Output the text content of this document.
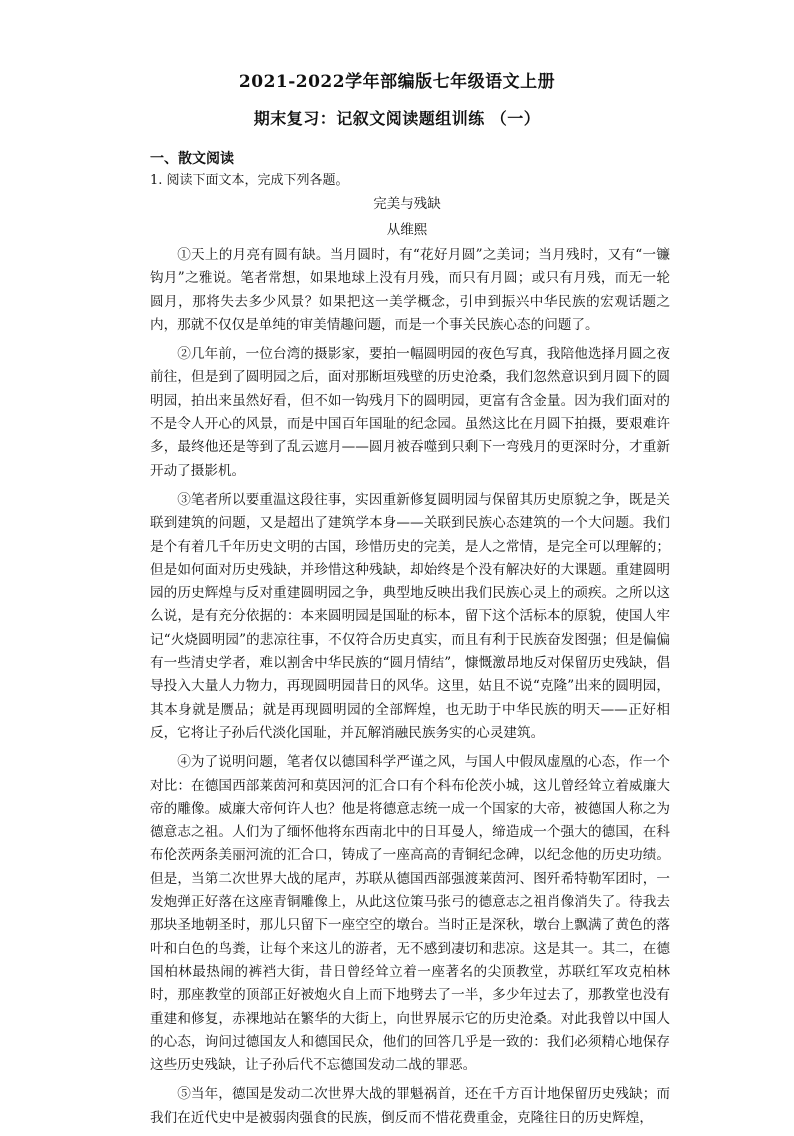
2021-2022学年部编版七年级语文上册
期末复习：记叙文阅读题组训练 （一）
一、散文阅读
1. 阅读下面文本，完成下列各题。
完美与残缺
从维熙

①天上的月亮有圆有缺。当月圆时，有“花好月圆”之美词；当月残时，又有“一镰钩月”之雅说。笔者常想，如果地球上没有月残，而只有月圆；或只有月残，而无一轮圆月，那将失去多少风景？如果把这一美学概念，引申到振兴中华民族的宏观话题之内，那就不仅仅是单纯的审美情趣问题，而是一个事关民族心态的问题了。

②几年前，一位台湾的摄影家，要拍一幅圆明园的夜色写真，我陪他选择月圆之夜前往，但是到了圆明园之后，面对那断垣残壁的历史沧桑，我们忽然意识到月圆下的圆明园，拍出来虽然好看，但不如一钩残月下的圆明园，更富有含金量。因为我们面对的不是令人开心的风景，而是中国百年国耻的纪念园。虽然这比在月圆下拍摄，要艰难许多，最终他还是等到了乱云遮月——圆月被吞噬到只剩下一弯残月的更深时分，才重新开动了摄影机。

③笔者所以要重温这段往事，实因重新修复圆明园与保留其历史原貌之争，既是关联到建筑的问题，又是超出了建筑学本身——关联到民族心态建筑的一个大问题。我们是个有着几千年历史文明的古国，珍惜历史的完美，是人之常情，是完全可以理解的；但是如何面对历史残缺，并珍惜这种残缺，却始终是个没有解决好的大课题。重建圆明园的历史辉煌与反对重建圆明园之争，典型地反映出我们民族心灵上的顽疾。之所以这么说，是有充分依据的：本来圆明园是国耻的标本，留下这个活标本的原貌，使国人牢记“火烧圆明园”的悲凉往事，不仅符合历史真实，而且有利于民族奋发图强；但是偏偏有一些清史学者，难以割舍中华民族的“圆月情结”，慷慨激昂地反对保留历史残缺，倡导投入大量人力物力，再现圆明园昔日的风华。这里，姑且不说“克隆”出来的圆明园，其本身就是赝品；就是再现圆明园的全部辉煌，也无助于中华民族的明天——正好相反，它将让子孙后代淡化国耻，并瓦解消融民族务实的心灵建筑。

④为了说明问题，笔者仅以德国科学严谨之风，与国人中假凤虚凰的心态，作一个对比：在德国西部莱茵河和莫因河的汇合口有个科布伦茨小城，这儿曾经耸立着威廉大帝的雕像。威廉大帝何许人也？他是将德意志统一成一个国家的大帝，被德国人称之为德意志之祖。人们为了缅怀他将东西南北中的日耳曼人，缔造成一个强大的德国，在科布伦茨两条美丽河流的汇合口，铸成了一座高高的青铜纪念碑，以纪念他的历史功绩。但是，当第二次世界大战的尾声，苏联从德国西部强渡莱茵河、图歼希特勒军团时，一发炮弹正好落在这座青铜雕像上，从此这位策马张弓的德意志之祖肖像消失了。待我去那块圣地朝圣时，那儿只留下一座空空的墩台。当时正是深秋，墩台上飘满了黄色的落叶和白色的鸟粪，让每个来这儿的游者，无不感到凄切和悲凉。这是其一。其二，在德国柏林最热闹的裤裆大街，昔日曾经耸立着一座著名的尖顶教堂，苏联红军攻克柏林时，那座教堂的顶部正好被炮火自上而下地劈去了一半，多少年过去了，那教堂也没有重建和修复，赤裸地站在繁华的大街上，向世界展示它的历史沧桑。对此我曾以中国人的心态，询问过德国友人和德国民众，他们的回答几乎是一致的：我们必须精心地保存这些历史残缺，让子孙后代不忘德国发动二战的罪恶。

⑤当年，德国是发动二次世界大战的罪魁祸首，还在千方百计地保留历史残缺；而我们在近代史中是被弱肉强食的民族，倒反而不惜花费重金，克隆往日的历史辉煌，
